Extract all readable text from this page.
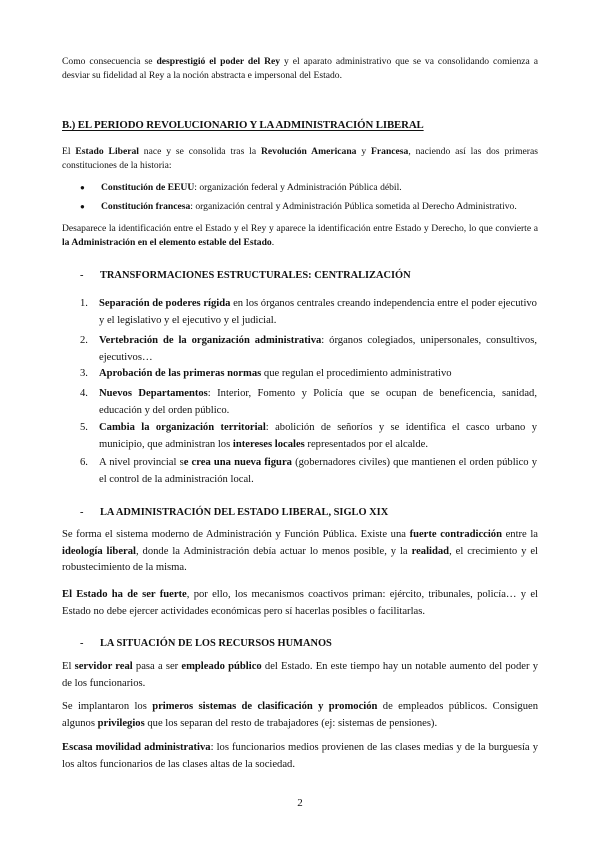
Como consecuencia se desprestigió el poder del Rey y el aparato administrativo que se va consolidando comienza a desviar su fidelidad al Rey a la noción abstracta e impersonal del Estado.

B.) EL PERIODO REVOLUCIONARIO Y LA ADMINISTRACIÓN LIBERAL

El Estado Liberal nace y se consolida tras la Revolución Americana y Francesa, naciendo así las dos primeras constituciones de la historia:

● Constitución de EEUU: organización federal y Administración Pública débil.
● Constitución francesa: organización central y Administración Pública sometida al Derecho Administrativo.

Desaparece la identificación entre el Estado y el Rey y aparece la identificación entre Estado y Derecho, lo que convierte a la Administración en el elemento estable del Estado.

- TRANSFORMACIONES ESTRUCTURALES: CENTRALIZACIÓN
1. Separación de poderes rígida en los órganos centrales creando independencia entre el poder ejecutivo y el legislativo y el ejecutivo y el judicial.

2. Vertebración de la organización administrativa: órganos colegiados, unipersonales, consultivos, ejecutivos…

3. Aprobación de las primeras normas que regulan el procedimiento administrativo

4. Nuevos Departamentos: Interior, Fomento y Policía que se ocupan de beneficencia, sanidad, educación y del orden público.

5. Cambia la organización territorial: abolición de señoríos y se identifica el casco urbano y municipio, que administran los intereses locales representados por el alcalde.

6. A nivel provincial se crea una nueva figura (gobernadores civiles) que mantienen el orden público y el control de la administración local.

- LA ADMINISTRACIÓN DEL ESTADO LIBERAL, SIGLO XIX

Se forma el sistema moderno de Administración y Función Pública. Existe una fuerte contradicción entre la ideología liberal, donde la Administración debía actuar lo menos posible, y la realidad, el crecimiento y el robustecimiento de la misma.

El Estado ha de ser fuerte, por ello, los mecanismos coactivos priman: ejército, tribunales, policía… y el Estado no debe ejercer actividades económicas pero sí hacerlas posibles o facilitarlas.

- LA SITUACIÓN DE LOS RECURSOS HUMANOS

El servidor real pasa a ser empleado público del Estado. En este tiempo hay un notable aumento del poder y de los funcionarios.

Se implantaron los primeros sistemas de clasificación y promoción de empleados públicos. Consiguen algunos privilegios que los separan del resto de trabajadores (ej: sistemas de pensiones).

Escasa movilidad administrativa: los funcionarios medios provienen de las clases medias y de la burguesía y los altos funcionarios de las clases altas de la sociedad.

2
